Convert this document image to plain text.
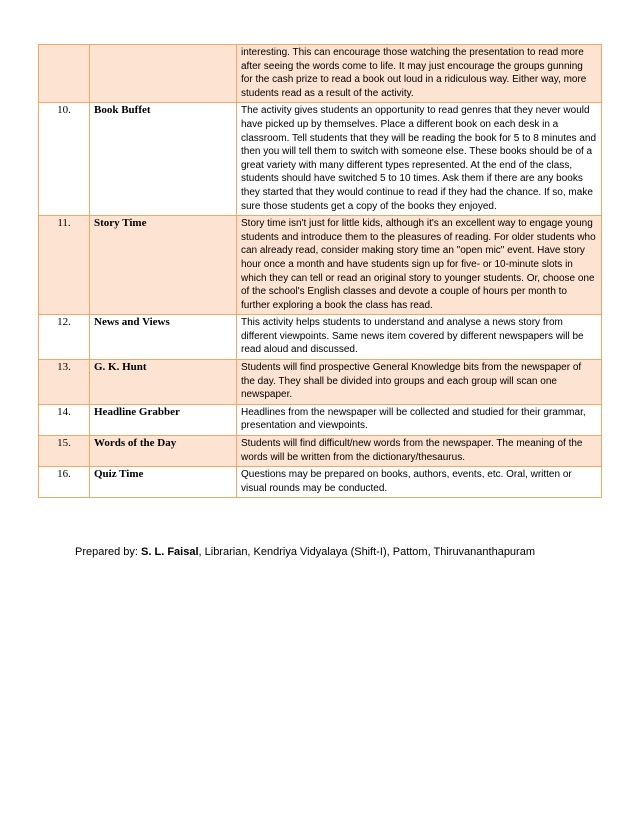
		interesting. This can encourage those watching the presentation to read more after seeing the words come to life. It may just encourage the groups gunning for the cash prize to read a book out loud in a ridiculous way. Either way, more students read as a result of the activity.
10.	Book Buffet	The activity gives students an opportunity to read genres that they never would have picked up by themselves. Place a different book on each desk in a classroom. Tell students that they will be reading the book for 5 to 8 minutes and then you will tell them to switch with someone else. These books should be of a great variety with many different types represented. At the end of the class, students should have switched 5 to 10 times. Ask them if there are any books they started that they would continue to read if they had the chance. If so, make sure those students get a copy of the books they enjoyed.
11.	Story Time	Story time isn't just for little kids, although it's an excellent way to engage young students and introduce them to the pleasures of reading. For older students who can already read, consider making story time an "open mic" event. Have story hour once a month and have students sign up for five- or 10-minute slots in which they can tell or read an original story to younger students. Or, choose one of the school's English classes and devote a couple of hours per month to further exploring a book the class has read.
12.	News and Views	This activity helps students to understand and analyse a news story from different viewpoints. Same news item covered by different newspapers will be read aloud and discussed.
13.	G. K. Hunt	Students will find prospective General Knowledge bits from the newspaper of the day. They shall be divided into groups and each group will scan one newspaper.
14.	Headline Grabber	Headlines from the newspaper will be collected and studied for their grammar, presentation and viewpoints.
15.	Words of the Day	Students will find difficult/new words from the newspaper. The meaning of the words will be written from the dictionary/thesaurus.
16.	Quiz Time	Questions may be prepared on books, authors, events, etc. Oral, written or visual rounds may be conducted.
Prepared by: S. L. Faisal, Librarian, Kendriya Vidyalaya (Shift-I), Pattom, Thiruvananthapuram
